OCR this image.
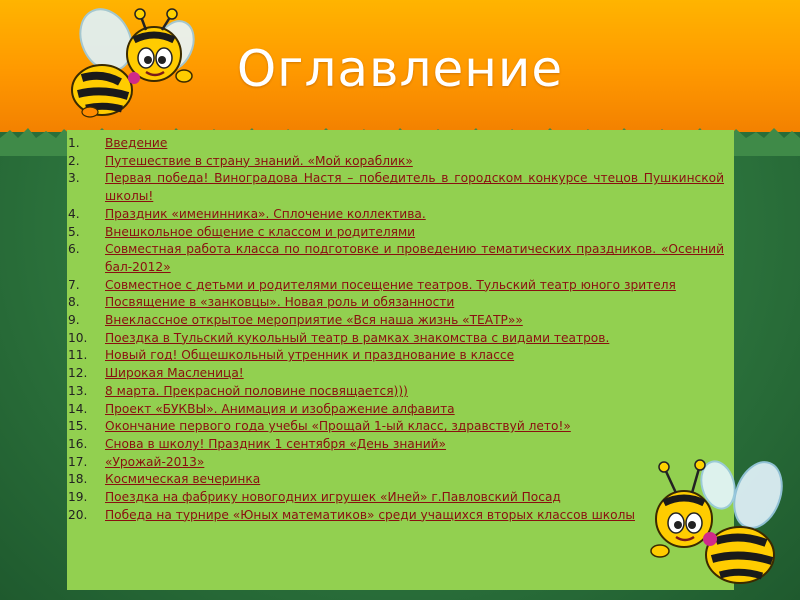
Оглавление
1.	Введение
2.	Путешествие в страну знаний. «Мой кораблик»
3.	Первая победа! Виноградова Настя – победитель в городском конкурсе чтецов Пушкинской школы!
4.	Праздник «именинника». Сплочение коллектива.
5.	Внешкольное общение с классом и родителями
6.	Совместная работа класса по подготовке и проведению тематических праздников. «Осенний бал-2012»
7.	Совместное с детьми и родителями посещение театров. Тульский театр юного зрителя
8.	Посвящение в «занковцы». Новая роль и обязанности
9.	Внеклассное открытое мероприятие «Вся наша жизнь «ТЕАТР»»
10.	Поездка в Тульский кукольный театр в рамках знакомства с видами театров.
11.	Новый год! Общешкольный утренник и празднование в классе
12.	Широкая Масленица!
13.	8 марта. Прекрасной половине посвящается)))
14.	Проект «БУКВЫ». Анимация и изображение алфавита
15.	Окончание первого года учебы «Прощай 1-ый класс, здравствуй лето!»
16.	Снова в школу! Праздник 1 сентября «День знаний»
17.	«Урожай-2013»
18.	Космическая вечеринка
19.	Поездка на фабрику новогодних игрушек «Иней» г.Павловский Посад
20.	Победа на турнире «Юных математиков» среди учащихся вторых классов школы
